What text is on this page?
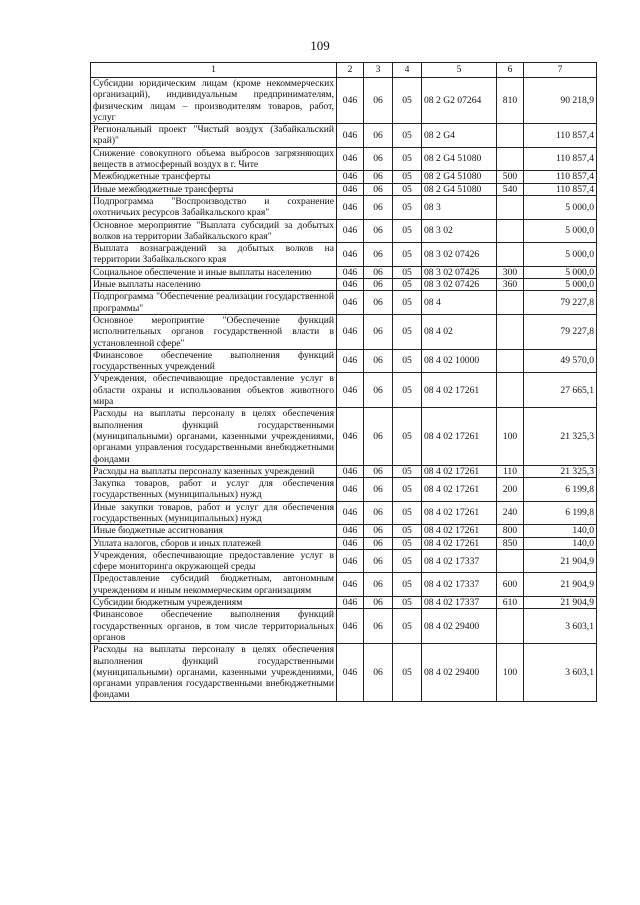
109
1	2	3	4	5	6	7
Субсидии юридическим лицам (кроме некоммерческих организаций), индивидуальным предпринимателям, физическим лицам – производителям товаров, работ, услуг	046	06	05	08 2 G2 07264	810	90 218,9
Региональный проект "Чистый воздух (Забайкальский край)"	046	06	05	08 2 G4		110 857,4
Снижение совокупного объема выбросов загрязняющих веществ в атмосферный воздух в г. Чите	046	06	05	08 2 G4 51080		110 857,4
Межбюджетные трансферты	046	06	05	08 2 G4 51080	500	110 857,4
Иные межбюджетные трансферты	046	06	05	08 2 G4 51080	540	110 857,4
Подпрограмма "Воспроизводство и сохранение охотничьих ресурсов Забайкальского края"	046	06	05	08 3		5 000,0
Основное мероприятие "Выплата субсидий за добытых волков на территории Забайкальского края"	046	06	05	08 3 02		5 000,0
Выплата вознаграждений за добытых волков на территории Забайкальского края	046	06	05	08 3 02 07426		5 000,0
Социальное обеспечение и иные выплаты населению	046	06	05	08 3 02 07426	300	5 000,0
Иные выплаты населению	046	06	05	08 3 02 07426	360	5 000,0
Подпрограмма "Обеспечение реализации государственной программы"	046	06	05	08 4		79 227,8
Основное мероприятие "Обеспечение функций исполнительных органов государственной власти в установленной сфере"	046	06	05	08 4 02		79 227,8
Финансовое обеспечение выполнения функций государственных учреждений	046	06	05	08 4 02 10000		49 570,0
Учреждения, обеспечивающие предоставление услуг в области охраны и использования объектов животного мира	046	06	05	08 4 02 17261		27 665,1
Расходы на выплаты персоналу в целях обеспечения выполнения функций государственными (муниципальными) органами, казенными учреждениями, органами управления государственными внебюджетными фондами	046	06	05	08 4 02 17261	100	21 325,3
Расходы на выплаты персоналу казенных учреждений	046	06	05	08 4 02 17261	110	21 325,3
Закупка товаров, работ и услуг для обеспечения государственных (муниципальных) нужд	046	06	05	08 4 02 17261	200	6 199,8
Иные закупки товаров, работ и услуг для обеспечения государственных (муниципальных) нужд	046	06	05	08 4 02 17261	240	6 199,8
Иные бюджетные ассигнования	046	06	05	08 4 02 17261	800	140,0
Уплата налогов, сборов и иных платежей	046	06	05	08 4 02 17261	850	140,0
Учреждения, обеспечивающие предоставление услуг в сфере мониторинга окружающей среды	046	06	05	08 4 02 17337		21 904,9
Предоставление субсидий бюджетным, автономным учреждениям и иным некоммерческим организациям	046	06	05	08 4 02 17337	600	21 904,9
Субсидии бюджетным учреждениям	046	06	05	08 4 02 17337	610	21 904,9
Финансовое обеспечение выполнения функций государственных органов, в том числе территориальных органов	046	06	05	08 4 02 29400		3 603,1
Расходы на выплаты персоналу в целях обеспечения выполнения функций государственными (муниципальными) органами, казенными учреждениями, органами управления государственными внебюджетными фондами	046	06	05	08 4 02 29400	100	3 603,1
